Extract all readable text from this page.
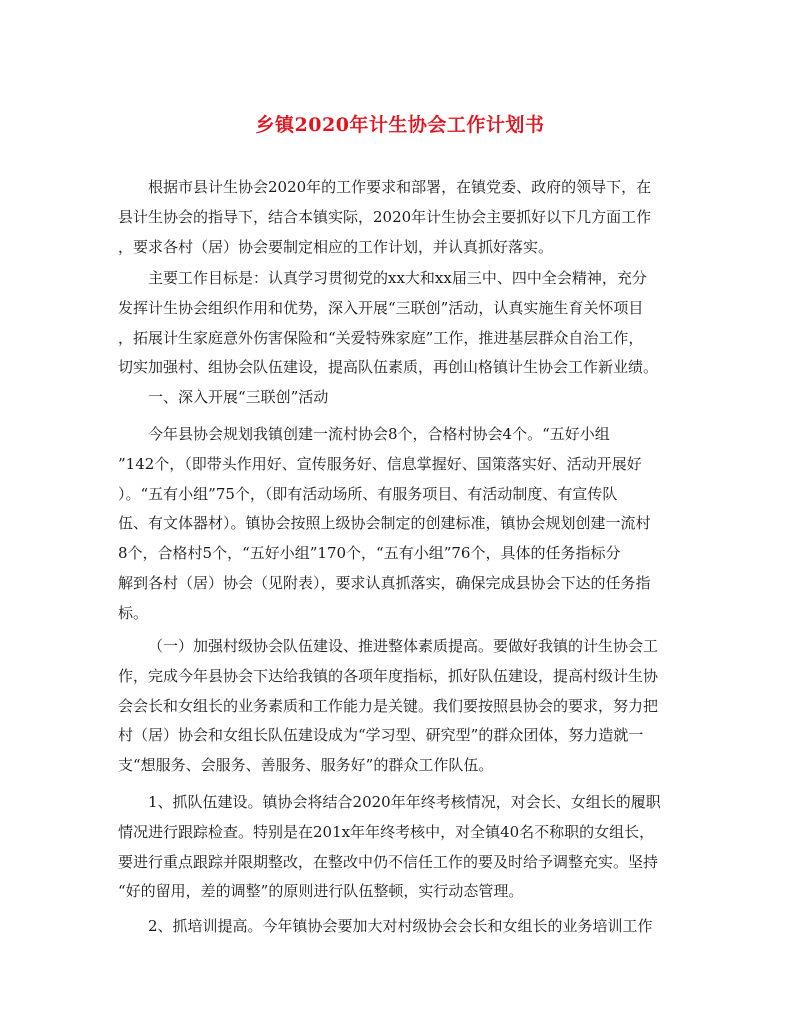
乡镇2020年计生协会工作计划书
根据市县计生协会2020年的工作要求和部署，在镇党委、政府的领导下，在
县计生协会的指导下，结合本镇实际，2020年计生协会主要抓好以下几方面工作
，要求各村（居）协会要制定相应的工作计划，并认真抓好落实。
主要工作目标是：认真学习贯彻党的xx大和xx届三中、四中全会精神，充分
发挥计生协会组织作用和优势，深入开展“三联创”活动，认真实施生育关怀项目
，拓展计生家庭意外伤害保险和“关爱特殊家庭”工作，推进基层群众自治工作，
切实加强村、组协会队伍建设，提高队伍素质，再创山格镇计生协会工作新业绩。
一、深入开展“三联创”活动
今年县协会规划我镇创建一流村协会8个，合格村协会4个。“五好小组
”142个，（即带头作用好、宣传服务好、信息掌握好、国策落实好、活动开展好
）。“五有小组”75个，（即有活动场所、有服务项目、有活动制度、有宣传队
伍、有文体器材）。镇协会按照上级协会制定的创建标准，镇协会规划创建一流村
8个，合格村5个，“五好小组”170个，“五有小组”76个，具体的任务指标分
解到各村（居）协会（见附表），要求认真抓落实，确保完成县协会下达的任务指
标。
（一）加强村级协会队伍建设、推进整体素质提高。要做好我镇的计生协会工
作，完成今年县协会下达给我镇的各项年度指标，抓好队伍建设，提高村级计生协
会会长和女组长的业务素质和工作能力是关键。我们要按照县协会的要求，努力把
村（居）协会和女组长队伍建设成为“学习型、研究型”的群众团体，努力造就一
支“想服务、会服务、善服务、服务好”的群众工作队伍。
1、抓队伍建设。镇协会将结合2020年年终考核情况，对会长、女组长的履职
情况进行跟踪检查。特别是在201x年年终考核中，对全镇40名不称职的女组长，
要进行重点跟踪并限期整改，在整改中仍不信任工作的要及时给予调整充实。坚持
“好的留用，差的调整”的原则进行队伍整顿，实行动态管理。
2、抓培训提高。今年镇协会要加大对村级协会会长和女组长的业务培训工作
